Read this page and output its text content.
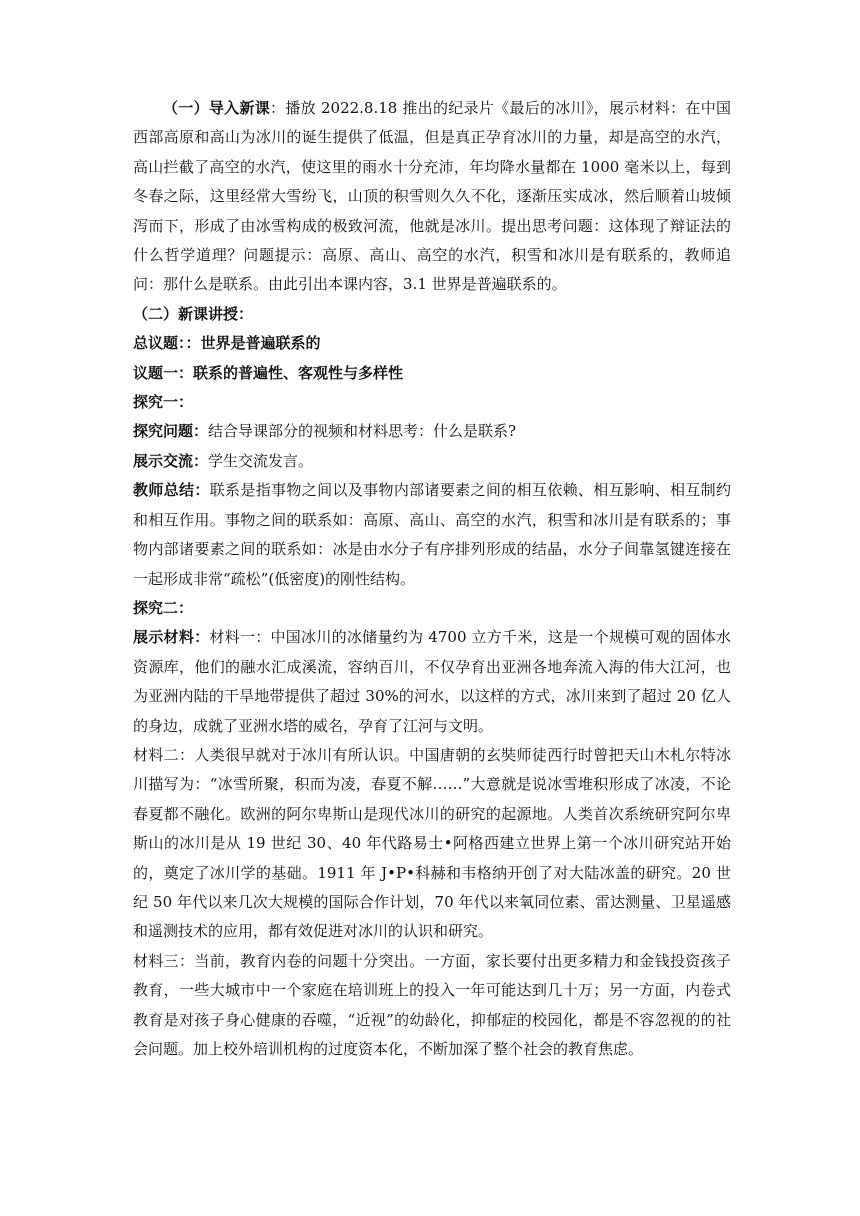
（一）导入新课：播放 2022.8.18 推出的纪录片《最后的冰川》，展示材料：在中国西部高原和高山为冰川的诞生提供了低温，但是真正孕育冰川的力量，却是高空的水汽，高山拦截了高空的水汽，使这里的雨水十分充沛，年均降水量都在 1000 毫米以上，每到冬春之际，这里经常大雪纷飞，山顶的积雪则久久不化，逐渐压实成冰，然后顺着山坡倾泻而下，形成了由冰雪构成的极致河流，他就是冰川。提出思考问题：这体现了辩证法的什么哲学道理？问题提示：高原、高山、高空的水汽，积雪和冰川是有联系的，教师追问：那什么是联系。由此引出本课内容，3.1 世界是普遍联系的。

（二）新课讲授：

总议题：：世界是普遍联系的

议题一：联系的普遍性、客观性与多样性

探究一：

探究问题：结合导课部分的视频和材料思考：什么是联系?

展示交流：学生交流发言。

教师总结：联系是指事物之间以及事物内部诸要素之间的相互依赖、相互影响、相互制约和相互作用。事物之间的联系如：高原、高山、高空的水汽，积雪和冰川是有联系的；事物内部诸要素之间的联系如：冰是由水分子有序排列形成的结晶，水分子间靠氢键连接在一起形成非常“疏松”(低密度)的刚性结构。

探究二：

展示材料：材料一：中国冰川的冰储量约为 4700 立方千米，这是一个规模可观的固体水资源库，他们的融水汇成溪流，容纳百川，不仅孕育出亚洲各地奔流入海的伟大江河，也为亚洲内陆的干旱地带提供了超过 30%的河水，以这样的方式，冰川来到了超过 20 亿人的身边，成就了亚洲水塔的威名，孕育了江河与文明。

材料二：人类很早就对于冰川有所认识。中国唐朝的玄奘师徒西行时曾把天山木札尔特冰川描写为：“冰雪所聚，积而为凌，春夏不解……”大意就是说冰雪堆积形成了冰凌，不论春夏都不融化。欧洲的阿尔卑斯山是现代冰川的研究的起源地。人类首次系统研究阿尔卑斯山的冰川是从 19 世纪 30、40 年代路易士•阿格西建立世界上第一个冰川研究站开始的，奠定了冰川学的基础。1911 年 J•P•科赫和韦格纳开创了对大陆冰盖的研究。20 世纪 50 年代以来几次大规模的国际合作计划，70 年代以来氧同位素、雷达测量、卫星遥感和遥测技术的应用，都有效促进对冰川的认识和研究。

材料三：当前，教育内卷的问题十分突出。一方面，家长要付出更多精力和金钱投资孩子教育，一些大城市中一个家庭在培训班上的投入一年可能达到几十万；另一方面，内卷式教育是对孩子身心健康的吞噬，“近视”的幼龄化，抑郁症的校园化，都是不容忽视的的社会问题。加上校外培训机构的过度资本化，不断加深了整个社会的教育焦虑。
